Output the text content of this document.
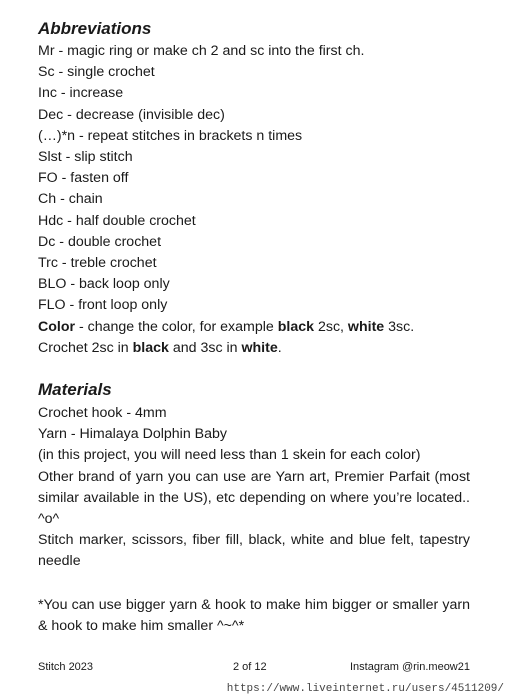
Abbreviations
Mr - magic ring or make ch 2 and sc into the first ch.
Sc - single crochet
Inc - increase
Dec - decrease (invisible dec)
(…)*n - repeat stitches in brackets n times
Slst - slip stitch
FO - fasten off
Ch - chain
Hdc - half double crochet
Dc - double crochet
Trc - treble crochet
BLO - back loop only
FLO - front loop only
Color - change the color, for example black 2sc, white 3sc.
Crochet 2sc in black and 3sc in white.
Materials
Crochet hook - 4mm
Yarn - Himalaya Dolphin Baby
(in this project, you will need less than 1 skein for each color)

Other brand of yarn you can use are Yarn art, Premier Parfait (most similar available in the US), etc depending on where you’re located.. ^o^

Stitch marker, scissors, fiber fill, black, white and blue felt, tapestry needle

*You can use bigger yarn & hook to make him bigger or smaller yarn & hook to make him smaller ^~^*

Stitch 2023	2 of 12	Instagram @rin.meow21
https://www.liveinternet.ru/users/4511209/
